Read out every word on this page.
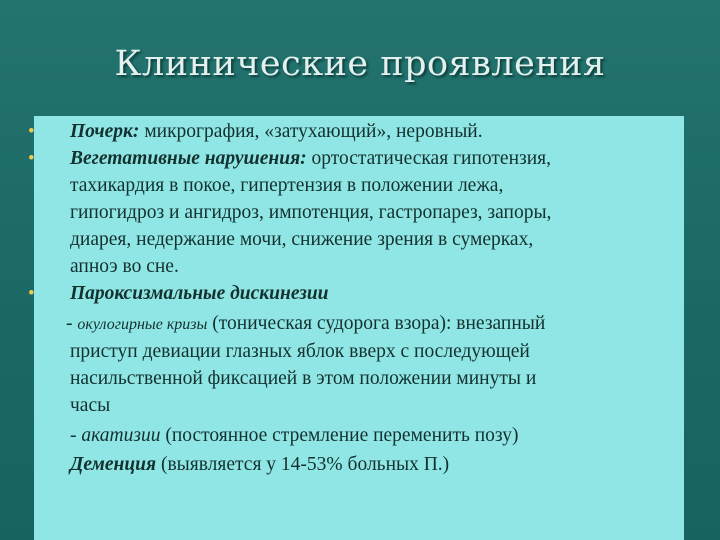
Клинические проявления
• Почерк: микрография, «затухающий», неровный.
• Вегетативные нарушения: ортостатическая гипотензия,
тахикардия в покое, гипертензия в положении лежа,
гипогидроз и ангидроз, импотенция, гастропарез, запоры,
диарея, недержание мочи, снижение зрения в сумерках,
апноэ во сне.
• Пароксизмальные дискинезии
- окулогирные кризы (тоническая судорога взора): внезапный
приступ девиации глазных яблок вверх с последующей
насильственной фиксацией в этом положении минуты и
часы
- акатизии (постоянное стремление переменить позу)
Деменция (выявляется у 14-53% больных П.)
